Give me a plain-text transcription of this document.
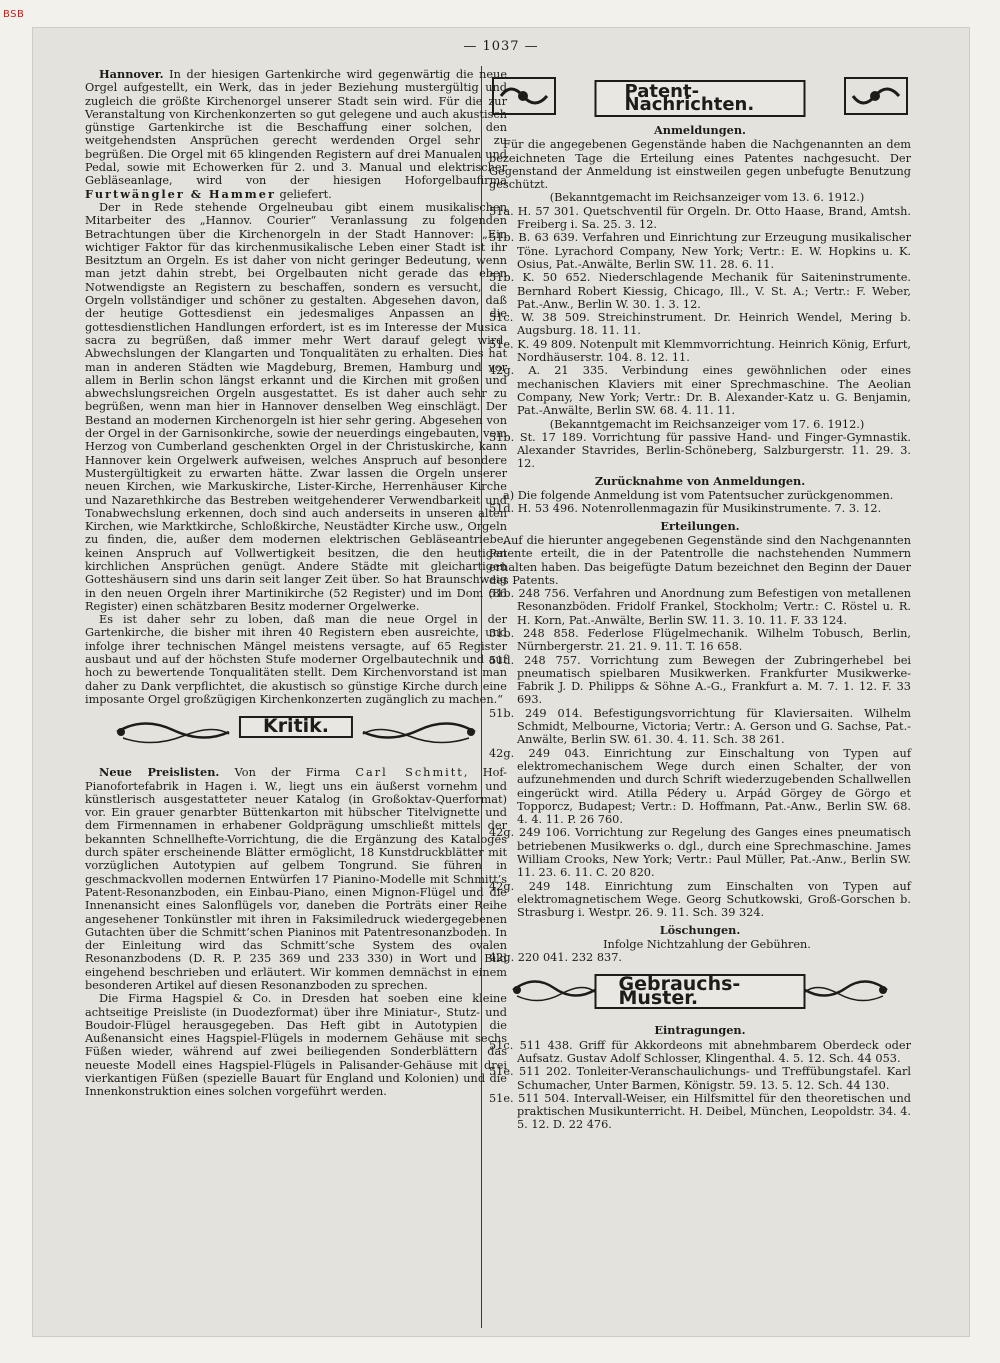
BSB
— 1037 —

Hannover. In der hiesigen Gartenkirche wird gegenwärtig die neue Orgel aufgestellt, ein Werk, das in jeder Beziehung mustergültig und zugleich die größte Kirchenorgel unserer Stadt sein wird. Für die zur Veranstaltung von Kirchenkonzerten so gut gelegene und auch akustisch günstige Gartenkirche ist die Beschaffung einer solchen, den weitgehendsten Ansprüchen gerecht werdenden Orgel sehr zu begrüßen. Die Orgel mit 65 klingenden Registern auf drei Manualen und Pedal, sowie mit Echowerken für 2. und 3. Manual und elektrischer Gebläseanlage, wird von der hiesigen Hoforgelbaufirma Furtwängler & Hammer geliefert.

Der in Rede stehende Orgelneubau gibt einem musikalischen Mitarbeiter des „Hannov. Courier“ Veranlassung zu folgenden Betrachtungen über die Kirchenorgeln in der Stadt Hannover: „Ein wichtiger Faktor für das kirchenmusikalische Leben einer Stadt ist ihr Besitztum an Orgeln. Es ist daher von nicht geringer Bedeutung, wenn man jetzt dahin strebt, bei Orgelbauten nicht gerade das eben Notwendigste an Registern zu beschaffen, sondern es versucht, die Orgeln vollständiger und schöner zu gestalten. Abgesehen davon, daß der heutige Gottesdienst ein jedesmaliges Anpassen an die gottesdienstlichen Handlungen erfordert, ist es im Interesse der Musica sacra zu begrüßen, daß immer mehr Wert darauf gelegt wird, Abwechslungen der Klangarten und Tonqualitäten zu erhalten. Dies hat man in anderen Städten wie Magdeburg, Bremen, Hamburg und vor allem in Berlin schon längst erkannt und die Kirchen mit großen und abwechslungsreichen Orgeln ausgestattet. Es ist daher auch sehr zu begrüßen, wenn man hier in Hannover denselben Weg einschlägt. Der Bestand an modernen Kirchenorgeln ist hier sehr gering. Abgesehen von der Orgel in der Garnisonkirche, sowie der neuerdings eingebauten, vom Herzog von Cumberland geschenkten Orgel in der Christuskirche, kann Hannover kein Orgelwerk aufweisen, welches Anspruch auf besondere Mustergültigkeit zu erwarten hätte. Zwar lassen die Orgeln unserer neuen Kirchen, wie Markuskirche, Lister-Kirche, Herrenhäuser Kirche und Nazarethkirche das Bestreben weitgehenderer Verwendbarkeit und Tonabwechslung erkennen, doch sind auch anderseits in unseren alten Kirchen, wie Marktkirche, Schloßkirche, Neustädter Kirche usw., Orgeln zu finden, die, außer dem modernen elektrischen Gebläseantriebe, keinen Anspruch auf Vollwertigkeit besitzen, die den heutigen kirchlichen Ansprüchen genügt. Andere Städte mit gleichartigen Gotteshäusern sind uns darin seit langer Zeit über. So hat Braunschweig in den neuen Orgeln ihrer Martinikirche (52 Register) und im Dom (86 Register) einen schätzbaren Besitz moderner Orgelwerke.

Es ist daher sehr zu loben, daß man die neue Orgel in der Gartenkirche, die bisher mit ihren 40 Registern eben ausreichte, und infolge ihrer technischen Mängel meistens versagte, auf 65 Register ausbaut und auf der höchsten Stufe moderner Orgelbautechnik und auf hoch zu bewertende Tonqualitäten stellt. Dem Kirchenvorstand ist man daher zu Dank verpflichtet, die akustisch so günstige Kirche durch eine imposante Orgel großzügigen Kirchenkonzerten zugänglich zu machen.“

Kritik.

Neue Preislisten. Von der Firma Carl Schmitt, Hof-Pianofortefabrik in Hagen i. W., liegt uns ein äußerst vornehm und künstlerisch ausgestatteter neuer Katalog (in Großoktav-Querformat) vor. Ein grauer genarbter Büttenkarton mit hübscher Titelvignette und dem Firmennamen in erhabener Goldprägung umschließt mittels der bekannten Schnellhefte-Vorrichtung, die die Ergänzung des Kataloges durch später erscheinende Blätter ermöglicht, 18 Kunstdruckblätter mit vorzüglichen Autotypien auf gelbem Tongrund. Sie führen in geschmackvollen modernen Entwürfen 17 Pianino-Modelle mit Schmitt’s Patent-Resonanzboden, ein Einbau-Piano, einen Mignon-Flügel und die Innenansicht eines Salonflügels vor, daneben die Porträts einer Reihe angesehener Tonkünstler mit ihren in Faksimiledruck wiedergegebenen Gutachten über die Schmitt’schen Pianinos mit Patentresonanzboden. In der Einleitung wird das Schmitt’sche System des ovalen Resonanzbodens (D. R. P. 235 369 und 233 330) in Wort und Bild eingehend beschrieben und erläutert. Wir kommen demnächst in einem besonderen Artikel auf diesen Resonanzboden zu sprechen.

Die Firma Hagspiel & Co. in Dresden hat soeben eine kleine achtseitige Preisliste (in Duodezformat) über ihre Miniatur-, Stutz- und Boudoir-Flügel herausgegeben. Das Heft gibt in Autotypien die Außenansicht eines Hagspiel-Flügels in modernem Gehäuse mit sechs Füßen wieder, während auf zwei beiliegenden Sonderblättern das neueste Modell eines Hagspiel-Flügels in Palisander-Gehäuse mit drei vierkantigen Füßen (spezielle Bauart für England und Kolonien) und die Innenkonstruktion eines solchen vorgeführt werden.

Patent-Nachrichten.
Anmeldungen.

Für die angegebenen Gegenstände haben die Nachgenannten an dem bezeichneten Tage die Erteilung eines Patentes nachgesucht. Der Gegenstand der Anmeldung ist einstweilen gegen unbefugte Benutzung geschützt.

(Bekanntgemacht im Reichsanzeiger vom 13. 6. 1912.)

51a. H. 57 301. Quetschventil für Orgeln. Dr. Otto Haase, Brand, Amtsh. Freiberg i. Sa. 25. 3. 12.

51b. B. 63 639. Verfahren und Einrichtung zur Erzeugung musikalischer Töne. Lyrachord Company, New York; Vertr.: E. W. Hopkins u. K. Osius, Pat.-Anwälte, Berlin SW. 11. 28. 6. 11.

51b. K. 50 652. Niederschlagende Mechanik für Saiteninstrumente. Bernhard Robert Kiessig, Chicago, Ill., V. St. A.; Vertr.: F. Weber, Pat.-Anw., Berlin W. 30. 1. 3. 12.

51c. W. 38 509. Streichinstrument. Dr. Heinrich Wendel, Mering b. Augsburg. 18. 11. 11.

51e. K. 49 809. Notenpult mit Klemmvorrichtung. Heinrich König, Erfurt, Nordhäuserstr. 104. 8. 12. 11.

42g. A. 21 335. Verbindung eines gewöhnlichen oder eines mechanischen Klaviers mit einer Sprechmaschine. The Aeolian Company, New York; Vertr.: Dr. B. Alexander-Katz u. G. Benjamin, Pat.-Anwälte, Berlin SW. 68. 4. 11. 11.

(Bekanntgemacht im Reichsanzeiger vom 17. 6. 1912.)

51b. St. 17 189. Vorrichtung für passive Hand- und Finger-Gymnastik. Alexander Stavrides, Berlin-Schöneberg, Salzburgerstr. 11. 29. 3. 12.

Zurücknahme von Anmeldungen.

a) Die folgende Anmeldung ist vom Patentsucher zurückgenommen.

51d. H. 53 496. Notenrollenmagazin für Musikinstrumente. 7. 3. 12.

Erteilungen.

Auf die hierunter angegebenen Gegenstände sind den Nachgenannten Patente erteilt, die in der Patentrolle die nachstehenden Nummern erhalten haben. Das beigefügte Datum bezeichnet den Beginn der Dauer des Patents.

51b. 248 756. Verfahren und Anordnung zum Befestigen von metallenen Resonanzböden. Fridolf Frankel, Stockholm; Vertr.: C. Röstel u. R. H. Korn, Pat.-Anwälte, Berlin SW. 11. 3. 10. 11. F. 33 124.

51b. 248 858. Federlose Flügelmechanik. Wilhelm Tobusch, Berlin, Nürnbergerstr. 21. 21. 9. 11. T. 16 658.

51d. 248 757. Vorrichtung zum Bewegen der Zubringerhebel bei pneumatisch spielbaren Musikwerken. Frankfurter Musikwerke-Fabrik J. D. Philipps & Söhne A.-G., Frankfurt a. M. 7. 1. 12. F. 33 693.

51b. 249 014. Befestigungsvorrichtung für Klaviersaiten. Wilhelm Schmidt, Melbourne, Victoria; Vertr.: A. Gerson und G. Sachse, Pat.-Anwälte, Berlin SW. 61. 30. 4. 11. Sch. 38 261.

42g. 249 043. Einrichtung zur Einschaltung von Typen auf elektromechanischem Wege durch einen Schalter, der von aufzunehmenden und durch Schrift wiederzugebenden Schallwellen eingerückt wird. Atilla Pédery u. Arpád Görgey de Görgo et Topporcz, Budapest; Vertr.: D. Hoffmann, Pat.-Anw., Berlin SW. 68. 4. 4. 11. P. 26 760.

42g. 249 106. Vorrichtung zur Regelung des Ganges eines pneumatisch betriebenen Musikwerks o. dgl., durch eine Sprechmaschine. James William Crooks, New York; Vertr.: Paul Müller, Pat.-Anw., Berlin SW. 11. 23. 6. 11. C. 20 820.

42g. 249 148. Einrichtung zum Einschalten von Typen auf elektromagnetischem Wege. Georg Schutkowski, Groß-Gorschen b. Strasburg i. Westpr. 26. 9. 11. Sch. 39 324.

Löschungen.

Infolge Nichtzahlung der Gebühren.

42g. 220 041. 232 837.

Gebrauchs-Muster.
Eintragungen.

51c. 511 438. Griff für Akkordeons mit abnehmbarem Oberdeck oder Aufsatz. Gustav Adolf Schlosser, Klingenthal. 4. 5. 12. Sch. 44 053.

51e. 511 202. Tonleiter-Veranschaulichungs- und Treffübungstafel. Karl Schumacher, Unter Barmen, Königstr. 59. 13. 5. 12. Sch. 44 130.

51e. 511 504. Intervall-Weiser, ein Hilfsmittel für den theoretischen und praktischen Musikunterricht. H. Deibel, München, Leopoldstr. 34. 4. 5. 12. D. 22 476.
